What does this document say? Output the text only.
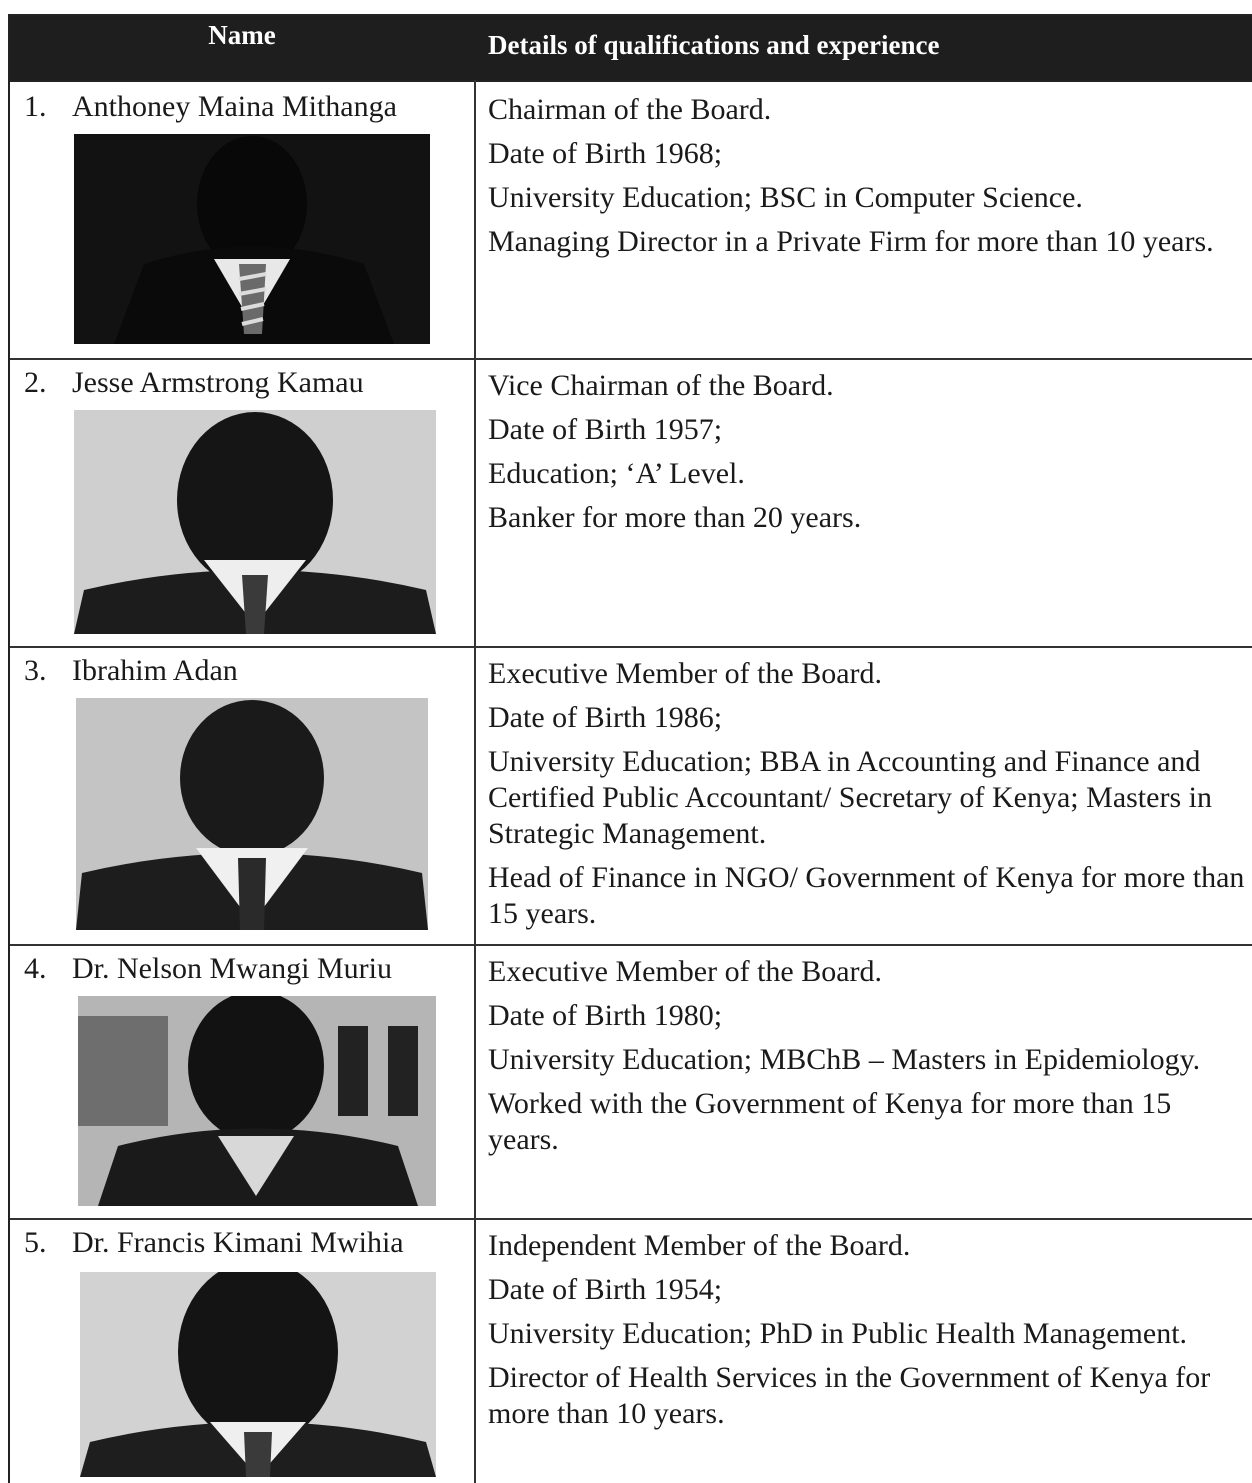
Name	Details of qualifications and experience
1. Anthoney Maina Mithanga	Chairman of the Board.

Date of Birth 1968;

University Education; BSC in Computer Science.

Managing Director in a Private Firm for more than 10 years.

2. Jesse Armstrong Kamau	Vice Chairman of the Board.

Date of Birth 1957;

Education; ‘A’ Level.

Banker for more than 20 years.

3. Ibrahim Adan	Executive Member of the Board.

Date of Birth 1986;

University Education; BBA in Accounting and Finance and Certified Public Accountant/ Secretary of Kenya; Masters in Strategic Management.

Head of Finance in NGO/ Government of Kenya for more than 15 years.

4. Dr. Nelson Mwangi Muriu	Executive Member of the Board.

Date of Birth 1980;

University Education; MBChB – Masters in Epidemiology.

Worked with the Government of Kenya for more than 15 years.

5. Dr. Francis Kimani Mwihia	Independent Member of the Board.

Date of Birth 1954;

University Education; PhD in Public Health Management.

Director of Health Services in the Government of Kenya for more than 10 years.
